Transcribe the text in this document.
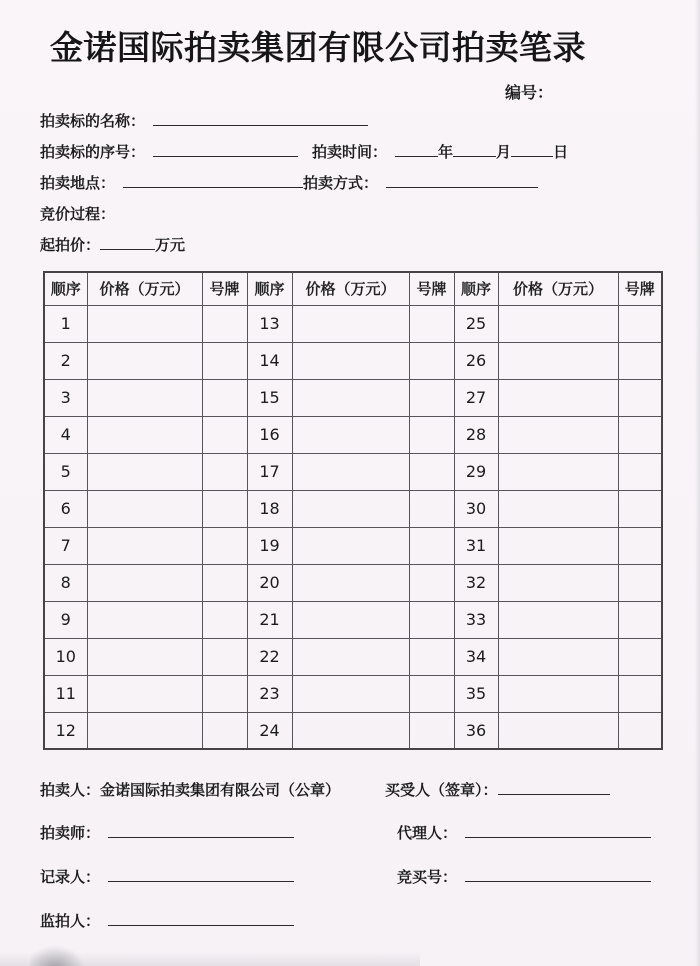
金诺国际拍卖集团有限公司拍卖笔录
编号：
拍卖标的名称：
拍卖标的序号：	拍卖时间：	年	月	日
拍卖地点：	拍卖方式：
竞价过程：
起拍价：	万元
顺序	价格（万元）	号牌	顺序	价格（万元）	号牌	顺序	价格（万元）	号牌
1			13			25		
2			14			26		
3			15			27		
4			16			28		
5			17			29		
6			18			30		
7			19			31		
8			20			32		
9			21			33		
10			22			34		
11			23			35		
12			24			36		
拍卖人：金诺国际拍卖集团有限公司（公章）	买受人（签章）：
拍卖师：	代理人：
记录人：	竞买号：
监拍人：
